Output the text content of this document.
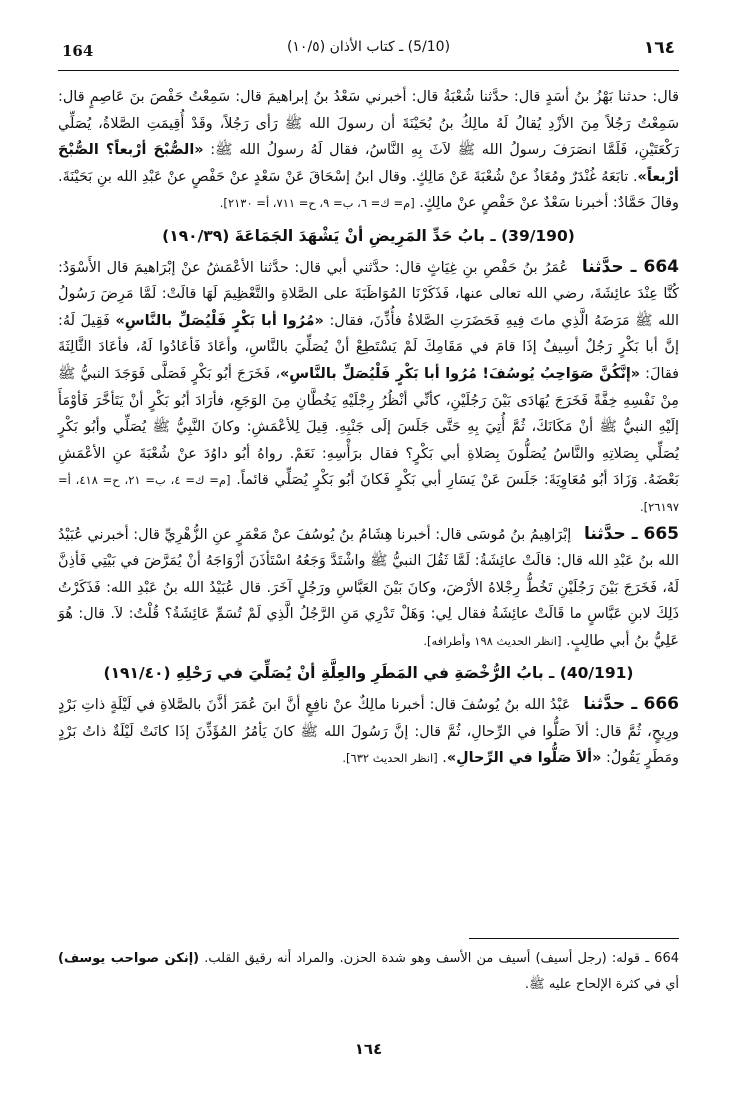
164	(5/10) ـ كتاب الأذان (١٠/٥)	١٦٤

قال: حدثنا بَهْزُ بنُ أسَدٍ قال: حدَّثنا شُعْبَةُ قال: أخبرني سَعْدُ بنُ إبراهيمَ قال: سَمِعْتُ حَفْصَ بنَ عَاصِمٍ قال: سَمِعْتُ رَجُلاً مِنَ الأزْدِ يُقالُ لَهُ مالِكُ بنُ بُحَيْنَةَ أن رسولَ الله ﷺ رَأى رَجُلاً، وقَدْ أُقِيمَتِ الصَّلاةُ، يُصَلِّي رَكْعَتَيْنِ، فَلَمَّا انصَرَفَ رسولُ الله ﷺ لاَثَ بِهِ النَّاسُ، فقال لَهُ رسولُ الله ﷺ: «الصُّبْحَ أرْبعاً؟ الصُّبْحَ أرْبعاً». تابَعَهُ غُنْدَرٌ ومُعَاذٌ عنْ شُعْبَةَ عَنْ مَالِكٍ. وقال ابنُ إسْحَاقَ عَنْ سَعْدٍ عنْ حَفْصٍ عنْ عَبْدِ الله بنِ بَحَيْنَةَ. وقالَ حَمَّادٌ: أخبرنا سَعْدٌ عنْ حَفْصٍ عنْ مالِكٍ. [م= ك= ٦، ب= ٩، ح= ٧١١، أ= ٢١٣٠].

(39/190) ـ بابُ حَدِّ المَرِيضِ أنْ يَشْهَدَ الجَمَاعَةَ (١٩٠/٣٩)

664 ـ حدَّثنا عُمَرُ بنُ حَفْصِ بنِ غِيَاثٍ قال: حدَّثني أبي قال: حدَّثنا الأعْمَشُ عنْ إبْرَاهيمَ قال الأَسْوَدُ: كُنَّا عِنْدَ عائِشَةَ، رضي الله تعالى عنها، فَذَكَرْنَا المُوَاظَبَةَ على الصَّلاةِ والتَّعْظِيمَ لَهَا قالَتْ: لَمَّا مَرِضَ رَسُولُ الله ﷺ مَرَضَهُ الَّذِي ماتَ فِيهِ فَحَضَرَتِ الصَّلاةُ فأُذِّنَ، فقال: «مُرُوا أبا بَكْرٍ فَلْيُصَلِّ بالنَّاسِ» فَقِيلَ لَهُ: إنَّ أبا بَكْرٍ رَجُلٌ أسِيفٌ إذَا قامَ في مَقَامِكَ لَمْ يَسْتَطِعْ أنْ يُصَلِّيَ بالنَّاسِ، وأعَادَ فَأعَادُوا لَهُ، فأعَادَ الثَّالِثَةَ فقالَ: «إنَّكُنَّ صَوَاحِبُ يُوسُفَ! مُرُوا أبا بَكْرٍ فَلْيُصَلِّ بالنَّاسِ»، فَخَرَجَ أبُو بَكْرٍ فَصَلَّى فَوَجَدَ النبيُّ ﷺ مِنْ نَفْسِهِ خِفَّةً فَخَرَجَ يُهَادَى بَيْنَ رَجُلَيْنِ، كأنِّي أنْظُرُ رِجْلَيْهِ يَخُطَّانِ مِنَ الوَجَعِ، فأرَادَ أبُو بَكْرٍ أنْ يَتَأخَّرَ فَأوْمَأَ إلَيْهِ النبيُّ ﷺ أنْ مَكَانَكَ، ثُمَّ أُتِيَ بِهِ حَتَّى جَلَسَ إلَى جَنْبِهِ. قِيلَ لِلأعْمَشِ: وكانَ النَّبِيُّ ﷺ يُصَلِّي وأبُو بَكْرٍ يُصَلِّي بِصَلاتِهِ والنَّاسُ يُصَلُّونَ بِصَلاةِ أبي بَكْرٍ؟ فقال برَأْسِهِ: نَعَمْ. رواهُ أبُو داوُدَ عنْ شُعْبَةَ عنِ الأعْمَشِ بَعْضَهُ. وَزَادَ أبُو مُعَاوِيَةَ: جَلَسَ عَنْ يَسَارِ أبي بَكْرٍ فَكانَ أبُو بَكْرٍ يُصَلِّي قائماً. [م= ك= ٤، ب= ٢١، ح= ٤١٨، أ= ٢٦١٩٧].

665 ـ حدَّثنا إبْرَاهِيمُ بنُ مُوسَى قال: أخبرنا هِشَامُ بنُ يُوسُفَ عنْ مَعْمَرٍ عنِ الزُّهْرِيِّ قال: أخبرني عُبَيْدُ الله بنُ عَبْدِ الله قال: قالَتْ عائِشَةُ: لَمَّا ثَقُلَ النبيُّ ﷺ واشْتَدَّ وَجَعُهُ اسْتَأذَنَ أزْوَاجَهُ أنْ يُمَرَّضَ في بَيْتِي فَأذِنَّ لَهُ، فَخَرَجَ بَيْنَ رَجُلَيْنِ تَخُطُّ رِجْلاهُ الأرْضَ، وكانَ بَيْنَ العَبَّاسِ ورَجُلٍ آخَرَ. قال عُبَيْدُ الله بنُ عَبْدِ الله: فَذَكَرْتُ ذَلِكَ لابنِ عَبَّاسٍ ما قَالَتْ عائِشَةُ فقال لِي: وَهَلْ تَدْرِي مَنِ الرَّجُلُ الَّذِي لَمْ تُسَمِّ عَائِشَةُ؟ قُلْتُ: لاَ. قال: هُوَ عَلِيُّ بنُ أبي طالِبٍ. [انظر الحديث ١٩٨ وأطرافه].

(40/191) ـ بابُ الرُّخْصَةِ في المَطَرِ والعِلَّةِ أنْ يُصَلِّيَ في رَحْلِهِ (١٩١/٤٠)

666 ـ حدَّثنا عَبْدُ الله بنُ يُوسُفَ قال: أخبرنا مالِكٌ عنْ نافِعٍ أنَّ ابنَ عُمَرَ أذَّنَ بالصَّلاةِ في لَيْلَةٍ ذاتِ بَرْدٍ ورِيحٍ، ثُمَّ قال: ألاَ صَلُّوا في الرِّحالِ، ثُمَّ قال: إنَّ رَسُولَ الله ﷺ كانَ يَأمُرُ المُؤَذِّنَ إذَا كانَتْ لَيْلَةٌ ذاتُ بَرْدٍ ومَطَرٍ يَقُولُ: «ألاَ صَلُّوا في الرِّحالِ». [انظر الحديث ٦٣٢].

664 ـ قوله: (رجل أسيف) أسيف من الأسف وهو شدة الحزن. والمراد أنه رقيق القلب. (إنكن صواحب يوسف) أي في كثرة الإلحاح عليه ﷺ.
١٦٤
